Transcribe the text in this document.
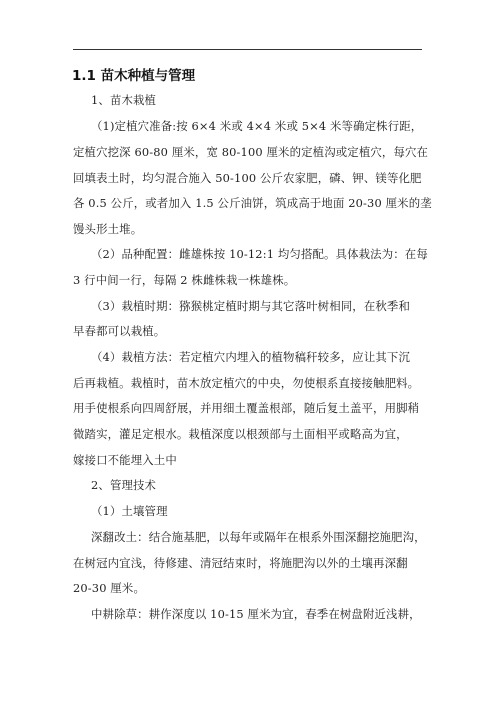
1.1 苗木种植与管理
1、苗木栽植
（1)定植穴准备:按 6×4 米或 4×4 米或 5×4 米等确定株行距，
定植穴挖深 60-80 厘米，宽 80-100 厘米的定植沟或定植穴，每穴在
回填表土时，均匀混合施入 50-100 公斤农家肥，磷、钾、镁等化肥
各 0.5 公斤，或者加入 1.5 公斤油饼，筑成高于地面 20-30 厘米的垄
馒头形土堆。
（2）品种配置：雌雄株按 10-12:1 均匀搭配。具体栽法为：在每
3 行中间一行，每隔 2 株雌株栽一株雄株。
（3）栽植时期：猕猴桃定植时期与其它落叶树相同，在秋季和
早春都可以栽植。
（4）栽植方法：若定植穴内埋入的植物稿秆较多，应让其下沉
后再栽植。栽植时，苗木放定植穴的中央，勿使根系直接接触肥料。
用手使根系向四周舒展，并用细土覆盖根部，随后复土盖平，用脚稍
微踏实，灌足定根水。栽植深度以根颈部与土面相平或略高为宜，
嫁接口不能埋入土中
2、管理技术
（1）土壤管理
深翻改土：结合施基肥，以每年或隔年在根系外围深翻挖施肥沟，
在树冠内宜浅，待修建、清冠结束时，将施肥沟以外的土壤再深翻
20-30 厘米。
中耕除草：耕作深度以 10-15 厘米为宜，春季在树盘附近浅耕，
